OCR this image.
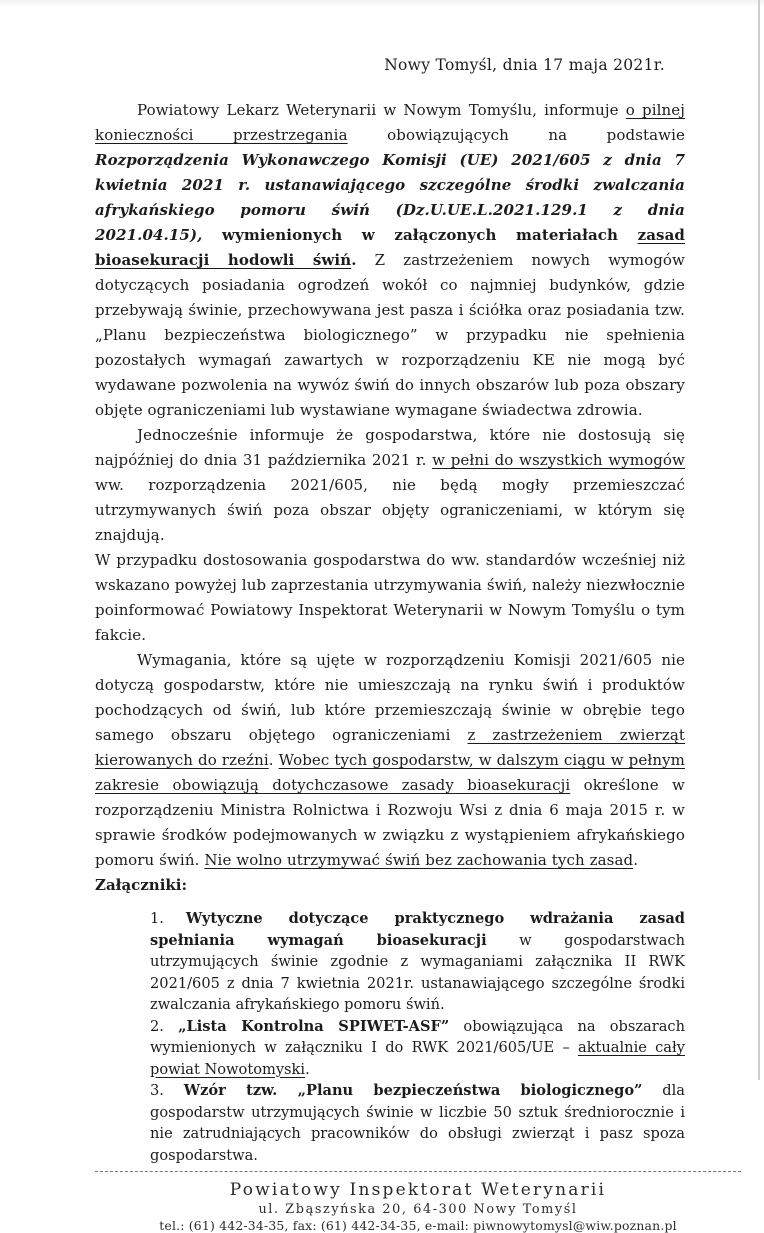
Nowy Tomyśl, dnia 17 maja 2021r.

Powiatowy Lekarz Weterynarii w Nowym Tomyślu, informuje o pilnej konieczności przestrzegania obowiązujących na podstawie Rozporządzenia Wykonawczego Komisji (UE) 2021/605 z dnia 7 kwietnia 2021 r. ustanawiającego szczególne środki zwalczania afrykańskiego pomoru świń (Dz.U.UE.L.2021.129.1 z dnia 2021.04.15), wymienionych w załączonych materiałach zasad bioasekuracji hodowli świń. Z zastrzeżeniem nowych wymogów dotyczących posiadania ogrodzeń wokół co najmniej budynków, gdzie przebywają świnie, przechowywana jest pasza i ściółka oraz posiadania tzw. „Planu bezpieczeństwa biologicznego” w przypadku nie spełnienia pozostałych wymagań zawartych w rozporządzeniu KE nie mogą być wydawane pozwolenia na wywóz świń do innych obszarów lub poza obszary objęte ograniczeniami lub wystawiane wymagane świadectwa zdrowia.

Jednocześnie informuje że gospodarstwa, które nie dostosują się najpóźniej do dnia 31 października 2021 r. w pełni do wszystkich wymogów ww. rozporządzenia 2021/605, nie będą mogły przemieszczać utrzymywanych świń poza obszar objęty ograniczeniami, w którym się znajdują.

W przypadku dostosowania gospodarstwa do ww. standardów wcześniej niż wskazano powyżej lub zaprzestania utrzymywania świń, należy niezwłocznie poinformować Powiatowy Inspektorat Weterynarii w Nowym Tomyślu o tym fakcie.

Wymagania, które są ujęte w rozporządzeniu Komisji 2021/605 nie dotyczą gospodarstw, które nie umieszczają na rynku świń i produktów pochodzących od świń, lub które przemieszczają świnie w obrębie tego samego obszaru objętego ograniczeniami z zastrzeżeniem zwierząt kierowanych do rzeźni. Wobec tych gospodarstw, w dalszym ciągu w pełnym zakresie obowiązują dotychczasowe zasady bioasekuracji określone w rozporządzeniu Ministra Rolnictwa i Rozwoju Wsi z dnia 6 maja 2015 r. w sprawie środków podejmowanych w związku z wystąpieniem afrykańskiego pomoru świń. Nie wolno utrzymywać świń bez zachowania tych zasad.

Załączniki:

1.  Wytyczne dotyczące praktycznego wdrażania zasad spełniania wymagań bioasekuracji w gospodarstwach utrzymujących świnie zgodnie z wymaganiami załącznika II RWK 2021/605 z dnia 7 kwietnia 2021r. ustanawiającego szczególne środki zwalczania afrykańskiego pomoru świń.

2. „Lista Kontrolna SPIWET-ASF” obowiązująca na obszarach wymienionych w załączniku I do RWK 2021/605/UE – aktualnie cały powiat Nowotomyski.

3. Wzór tzw. „Planu bezpieczeństwa biologicznego” dla gospodarstw utrzymujących świnie w liczbie 50 sztuk średniorocznie i nie zatrudniających pracowników do obsługi zwierząt i pasz spoza gospodarstwa.

Powiatowy Inspektorat Weterynarii
ul. Zbąszyńska 20, 64-300 Nowy Tomyśl
tel.: (61) 442-34-35, fax: (61) 442-34-35, e-mail: piwnowytomysl@wiw.poznan.pl
